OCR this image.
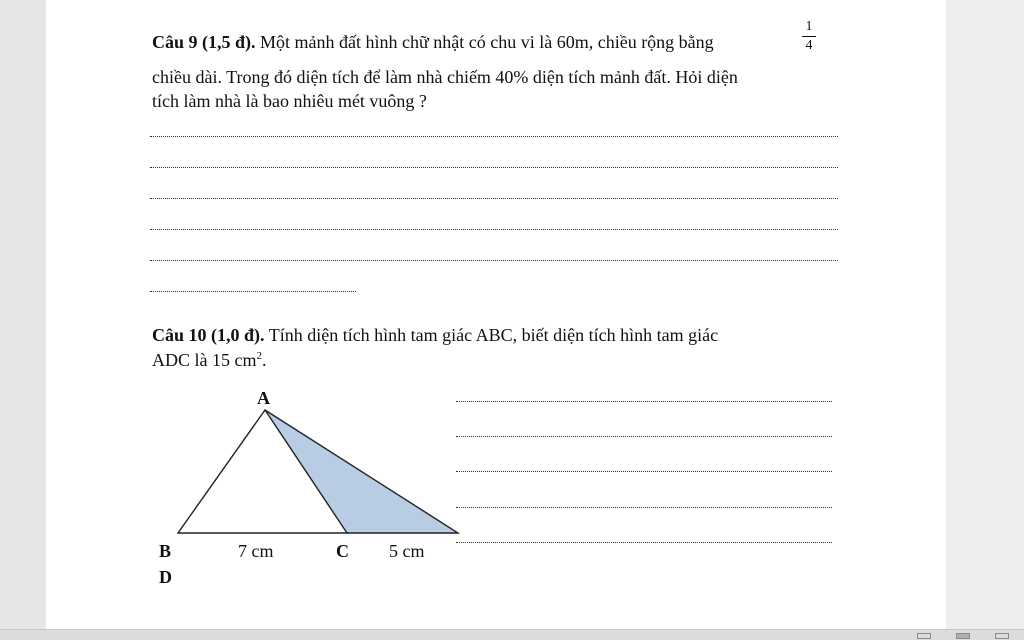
Câu 9 (1,5 đ). Một mảnh đất hình chữ nhật có chu vi là 60m, chiều rộng bằng
1
4
chiều dài. Trong đó diện tích để làm nhà chiếm 40% diện tích mảnh đất. Hỏi diện
tích làm nhà là bao nhiêu mét vuông ?
Câu 10 (1,0 đ). Tính diện tích hình tam giác ABC, biết diện tích hình tam giác
ADC là 15 $cm^2$.
A
B	7 cm	C 5 cm
D
